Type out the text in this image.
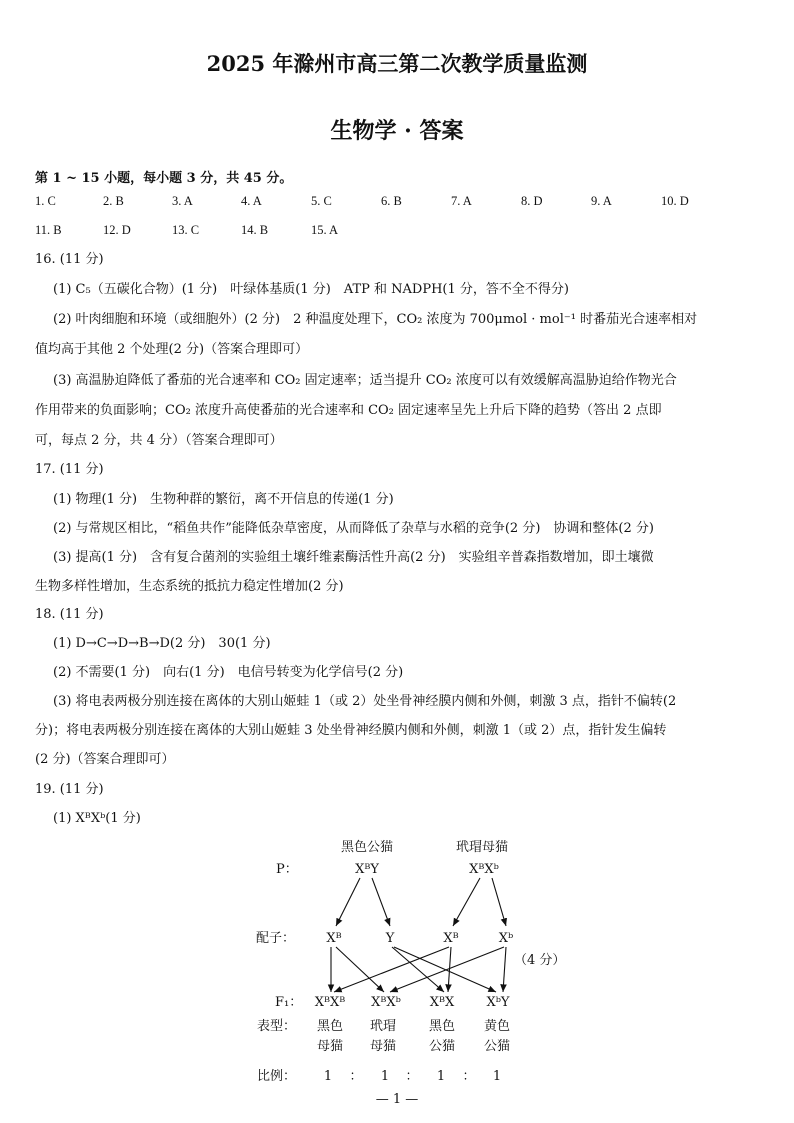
2025 年滁州市高三第二次教学质量监测
生物学 · 答案
第 1 ~ 15 小题，每小题 3 分，共 45 分。
1. C	2. B	3. A	4. A	5. C	6. B	7. A	8. D	9. A	10. D
11. B	12. D	13. C	14. B	15. A
16. (11 分)
(1) C₅（五碳化合物）(1 分)　叶绿体基质(1 分)　ATP 和 NADPH(1 分，答不全不得分)
(2) 叶肉细胞和环境（或细胞外）(2 分)　2 种温度处理下，CO₂ 浓度为 700μmol · mol⁻¹ 时番茄光合速率相对
值均高于其他 2 个处理(2 分)（答案合理即可）
(3) 高温胁迫降低了番茄的光合速率和 CO₂ 固定速率；适当提升 CO₂ 浓度可以有效缓解高温胁迫给作物光合
作用带来的负面影响；CO₂ 浓度升高使番茄的光合速率和 CO₂ 固定速率呈先上升后下降的趋势（答出 2 点即
可，每点 2 分，共 4 分）（答案合理即可）
17. (11 分)
(1) 物理(1 分)　生物种群的繁衍，离不开信息的传递(1 分)
(2) 与常规区相比，“稻鱼共作”能降低杂草密度，从而降低了杂草与水稻的竞争(2 分)　协调和整体(2 分)
(3) 提高(1 分)　含有复合菌剂的实验组土壤纤维素酶活性升高(2 分)　实验组辛普森指数增加，即土壤微
生物多样性增加，生态系统的抵抗力稳定性增加(2 分)
18. (11 分)
(1) D→C→D→B→D(2 分)　30(1 分)
(2) 不需要(1 分)　向右(1 分)　电信号转变为化学信号(2 分)
(3) 将电表两极分别连接在离体的大别山姬蛙 1（或 2）处坐骨神经膜内侧和外侧，刺激 3 点，指针不偏转(2
分)；将电表两极分别连接在离体的大别山姬蛙 3 处坐骨神经膜内侧和外侧，刺激 1（或 2）点，指针发生偏转
(2 分)（答案合理即可）
19. (11 分)
(1) XᴮXᵇ(1 分)
黑色公猫	玳瑁母猫
P：	XᴮY	XᴮXᵇ
配子： Xᴮ	Y	Xᴮ	Xᵇ
（4 分）
F₁： XᴮXᴮ XᴮXᵇ XᴮX XᵇY
表型： 黑色 玳瑁	黑色 黄色
母猫 母猫	公猫 公猫
比例： 1 ： 1 ： 1 ： 1
— 1 —
